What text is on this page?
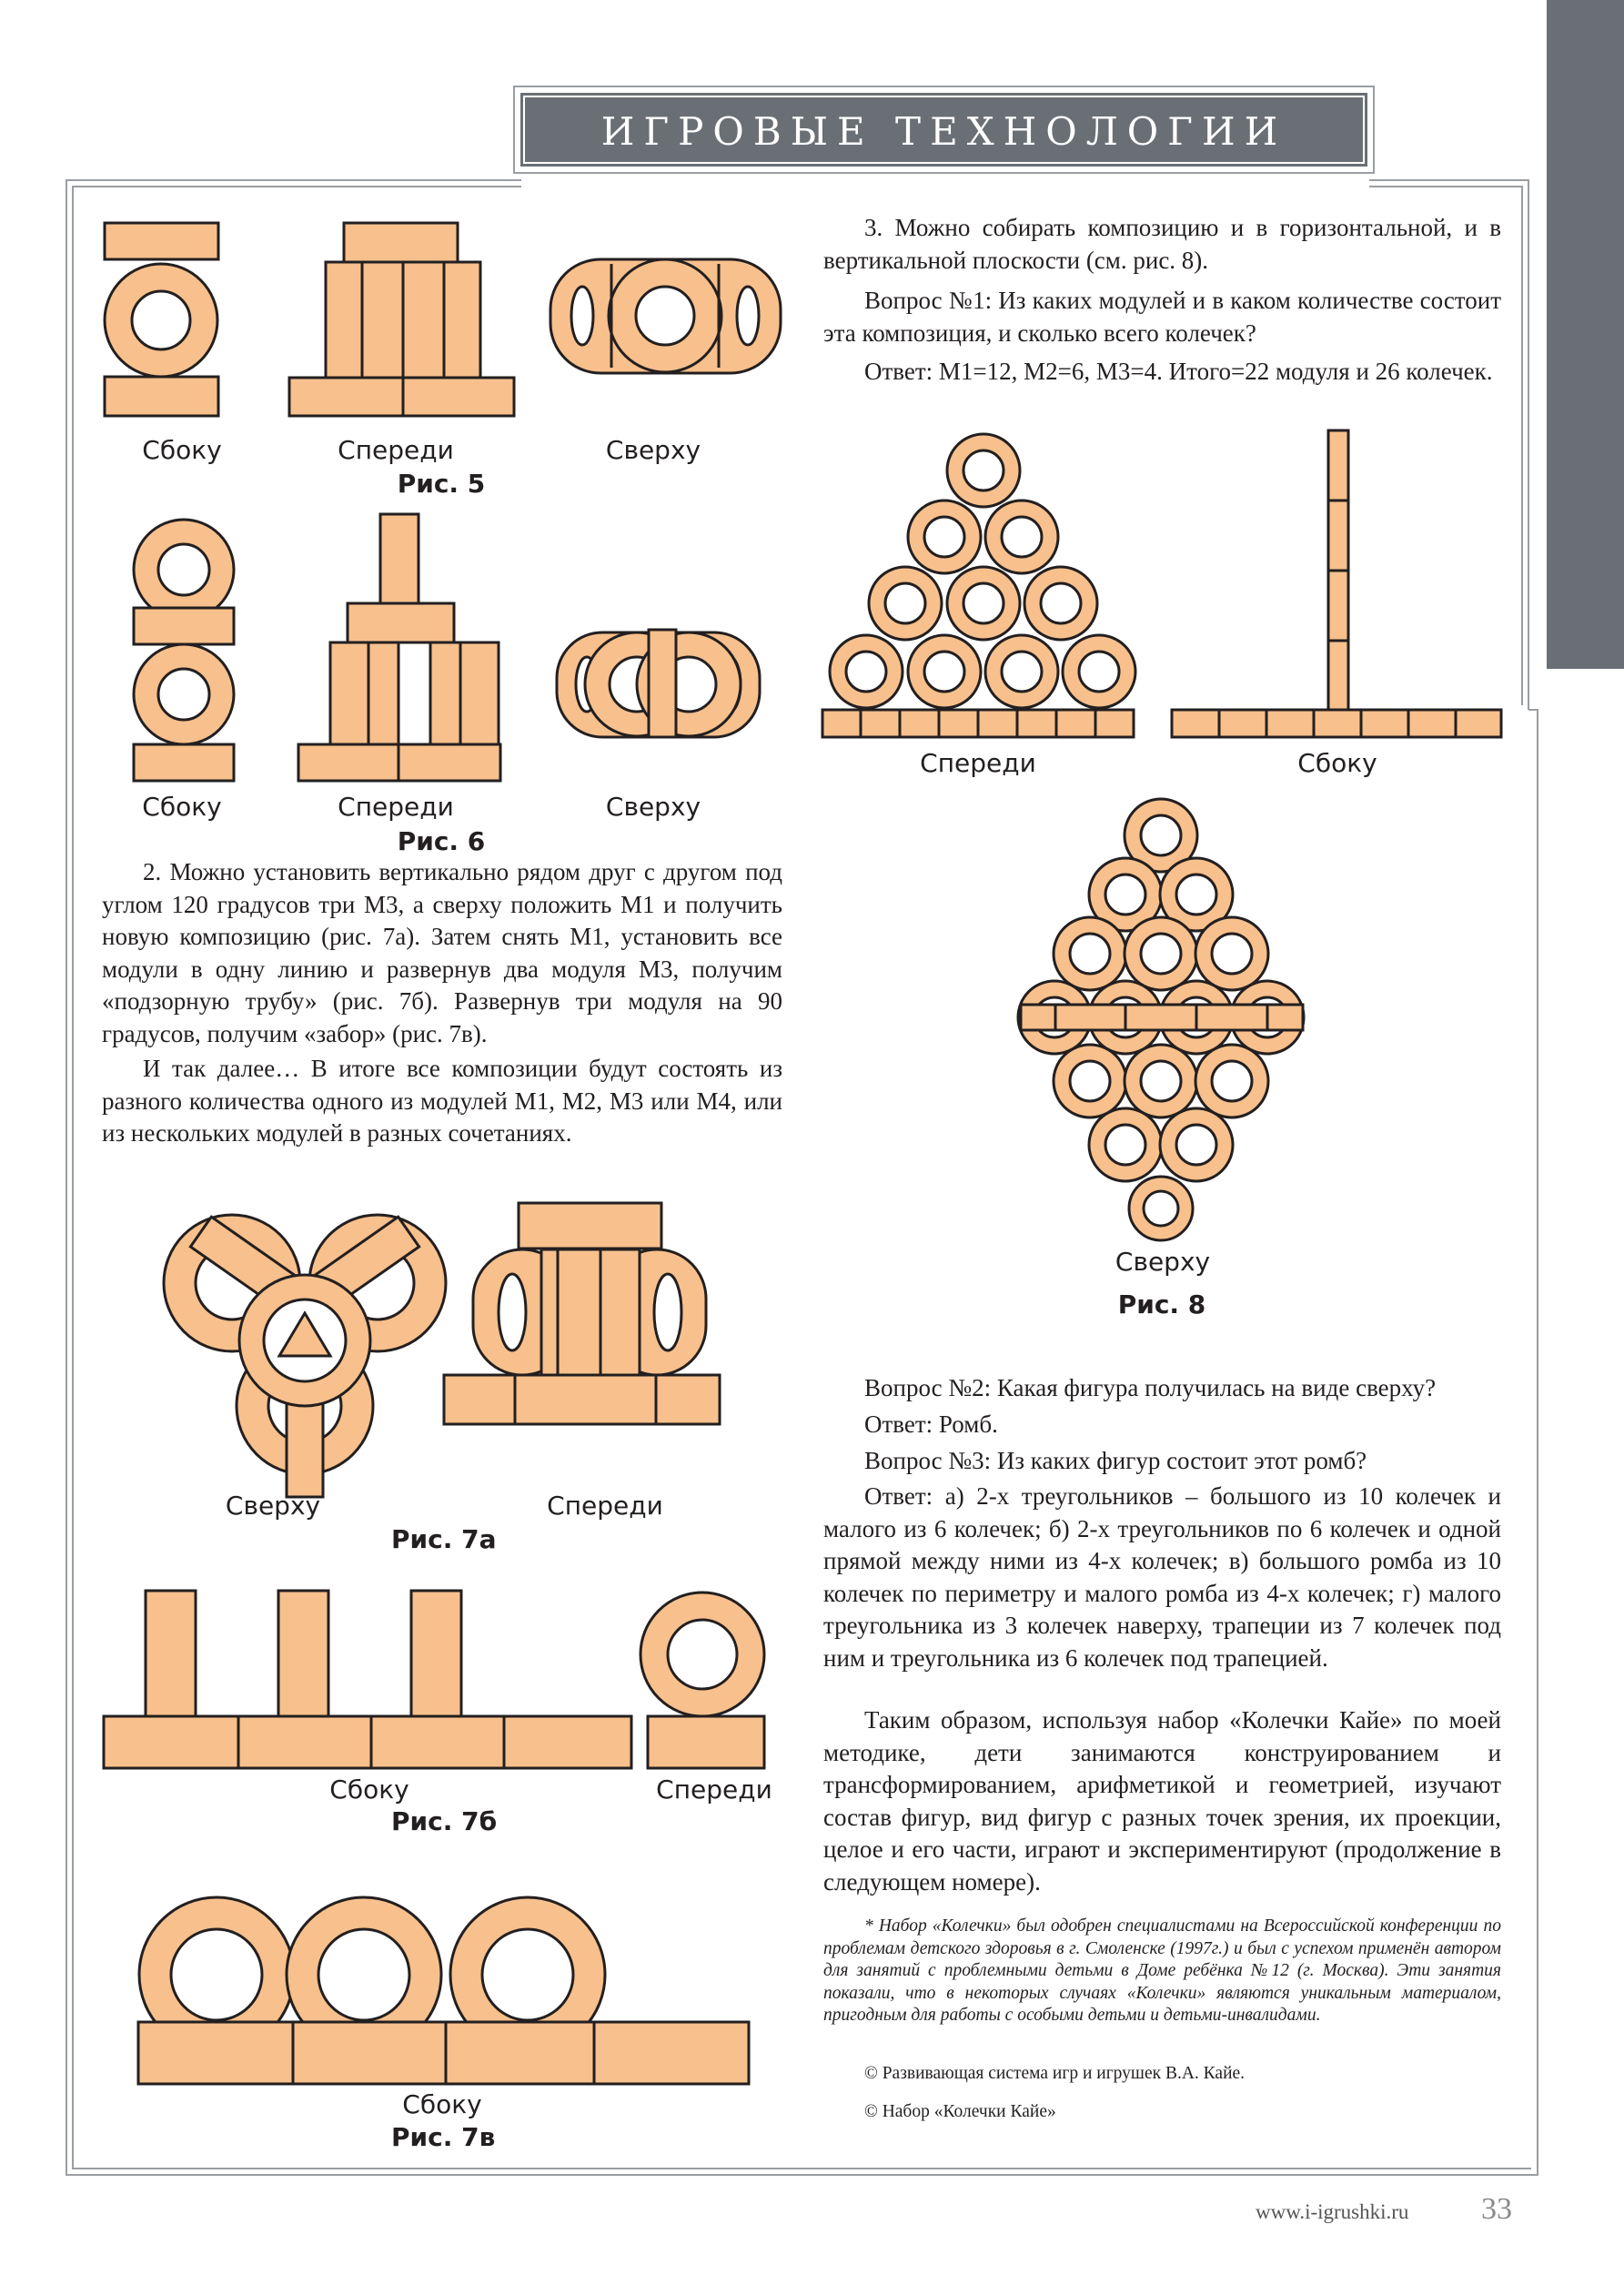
ИГРОВЫЕ ТЕХНОЛОГИИ
Сбоку	Спереди	Сверху
Рис. 5
Сбоку	Спереди	Сверху
Рис. 6
Сверху	Спереди
Рис. 7а
Сбоку	Спереди
Рис. 7б
Сбоку
Рис. 7в
Спереди	Сбоку
Сверху
Рис. 8

3. Можно собирать композицию и в горизонтальной, и в вертикальной плоскости (см. рис. 8).

Вопрос №1: Из каких модулей и в каком количестве состоит эта композиция, и сколько всего колечек?

Ответ: М1=12, М2=6, М3=4. Итого=22 модуля и 26 колечек.

2. Можно установить вертикально рядом друг с другом под углом 120 градусов три М3, а сверху положить М1 и получить новую композицию (рис. 7а). Затем снять М1, установить все модули в одну линию и развернув два модуля М3, получим «подзорную трубу» (рис. 7б). Развернув три модуля на 90 градусов, получим «забор» (рис. 7в).

И так далее… В итоге все композиции будут состоять из разного количества одного из модулей М1, М2, М3 или М4, или из нескольких модулей в разных сочетаниях.

Вопрос №2: Какая фигура получилась на виде сверху?

Ответ: Ромб.

Вопрос №3: Из каких фигур состоит этот ромб?

Ответ: а) 2-х треугольников – большого из 10 колечек и малого из 6 колечек; б) 2-х треугольников по 6 колечек и одной прямой между ними из 4-х колечек; в) большого ромба из 10 колечек по периметру и малого ромба из 4-х колечек; г) малого треугольника из 3 колечек наверху, трапеции из 7 колечек под ним и треугольника из 6 колечек под трапецией.

Таким образом, используя набор «Колечки Кайе» по моей методике, дети занимаются конструированием и трансформированием, арифметикой и геометрией, изучают состав фигур, вид фигур с разных точек зрения, их проекции, целое и его части, играют и экспериментируют (продолжение в следующем номере).

* Набор «Колечки» был одобрен специалистами на Всероссийской конференции по проблемам детского здоровья в г. Смоленске (1997г.) и был с успехом применён автором для занятий с проблемными детьми в Доме ребёнка №12 (г. Москва). Эти занятия показали, что в некоторых случаях «Колечки» являются уникальным материалом, пригодным для работы с особыми детьми и детьми-инвалидами.

© Развивающая система игр и игрушек В.А. Кайе.
© Набор «Колечки Кайе»
www.i-igrushki.ru 33
